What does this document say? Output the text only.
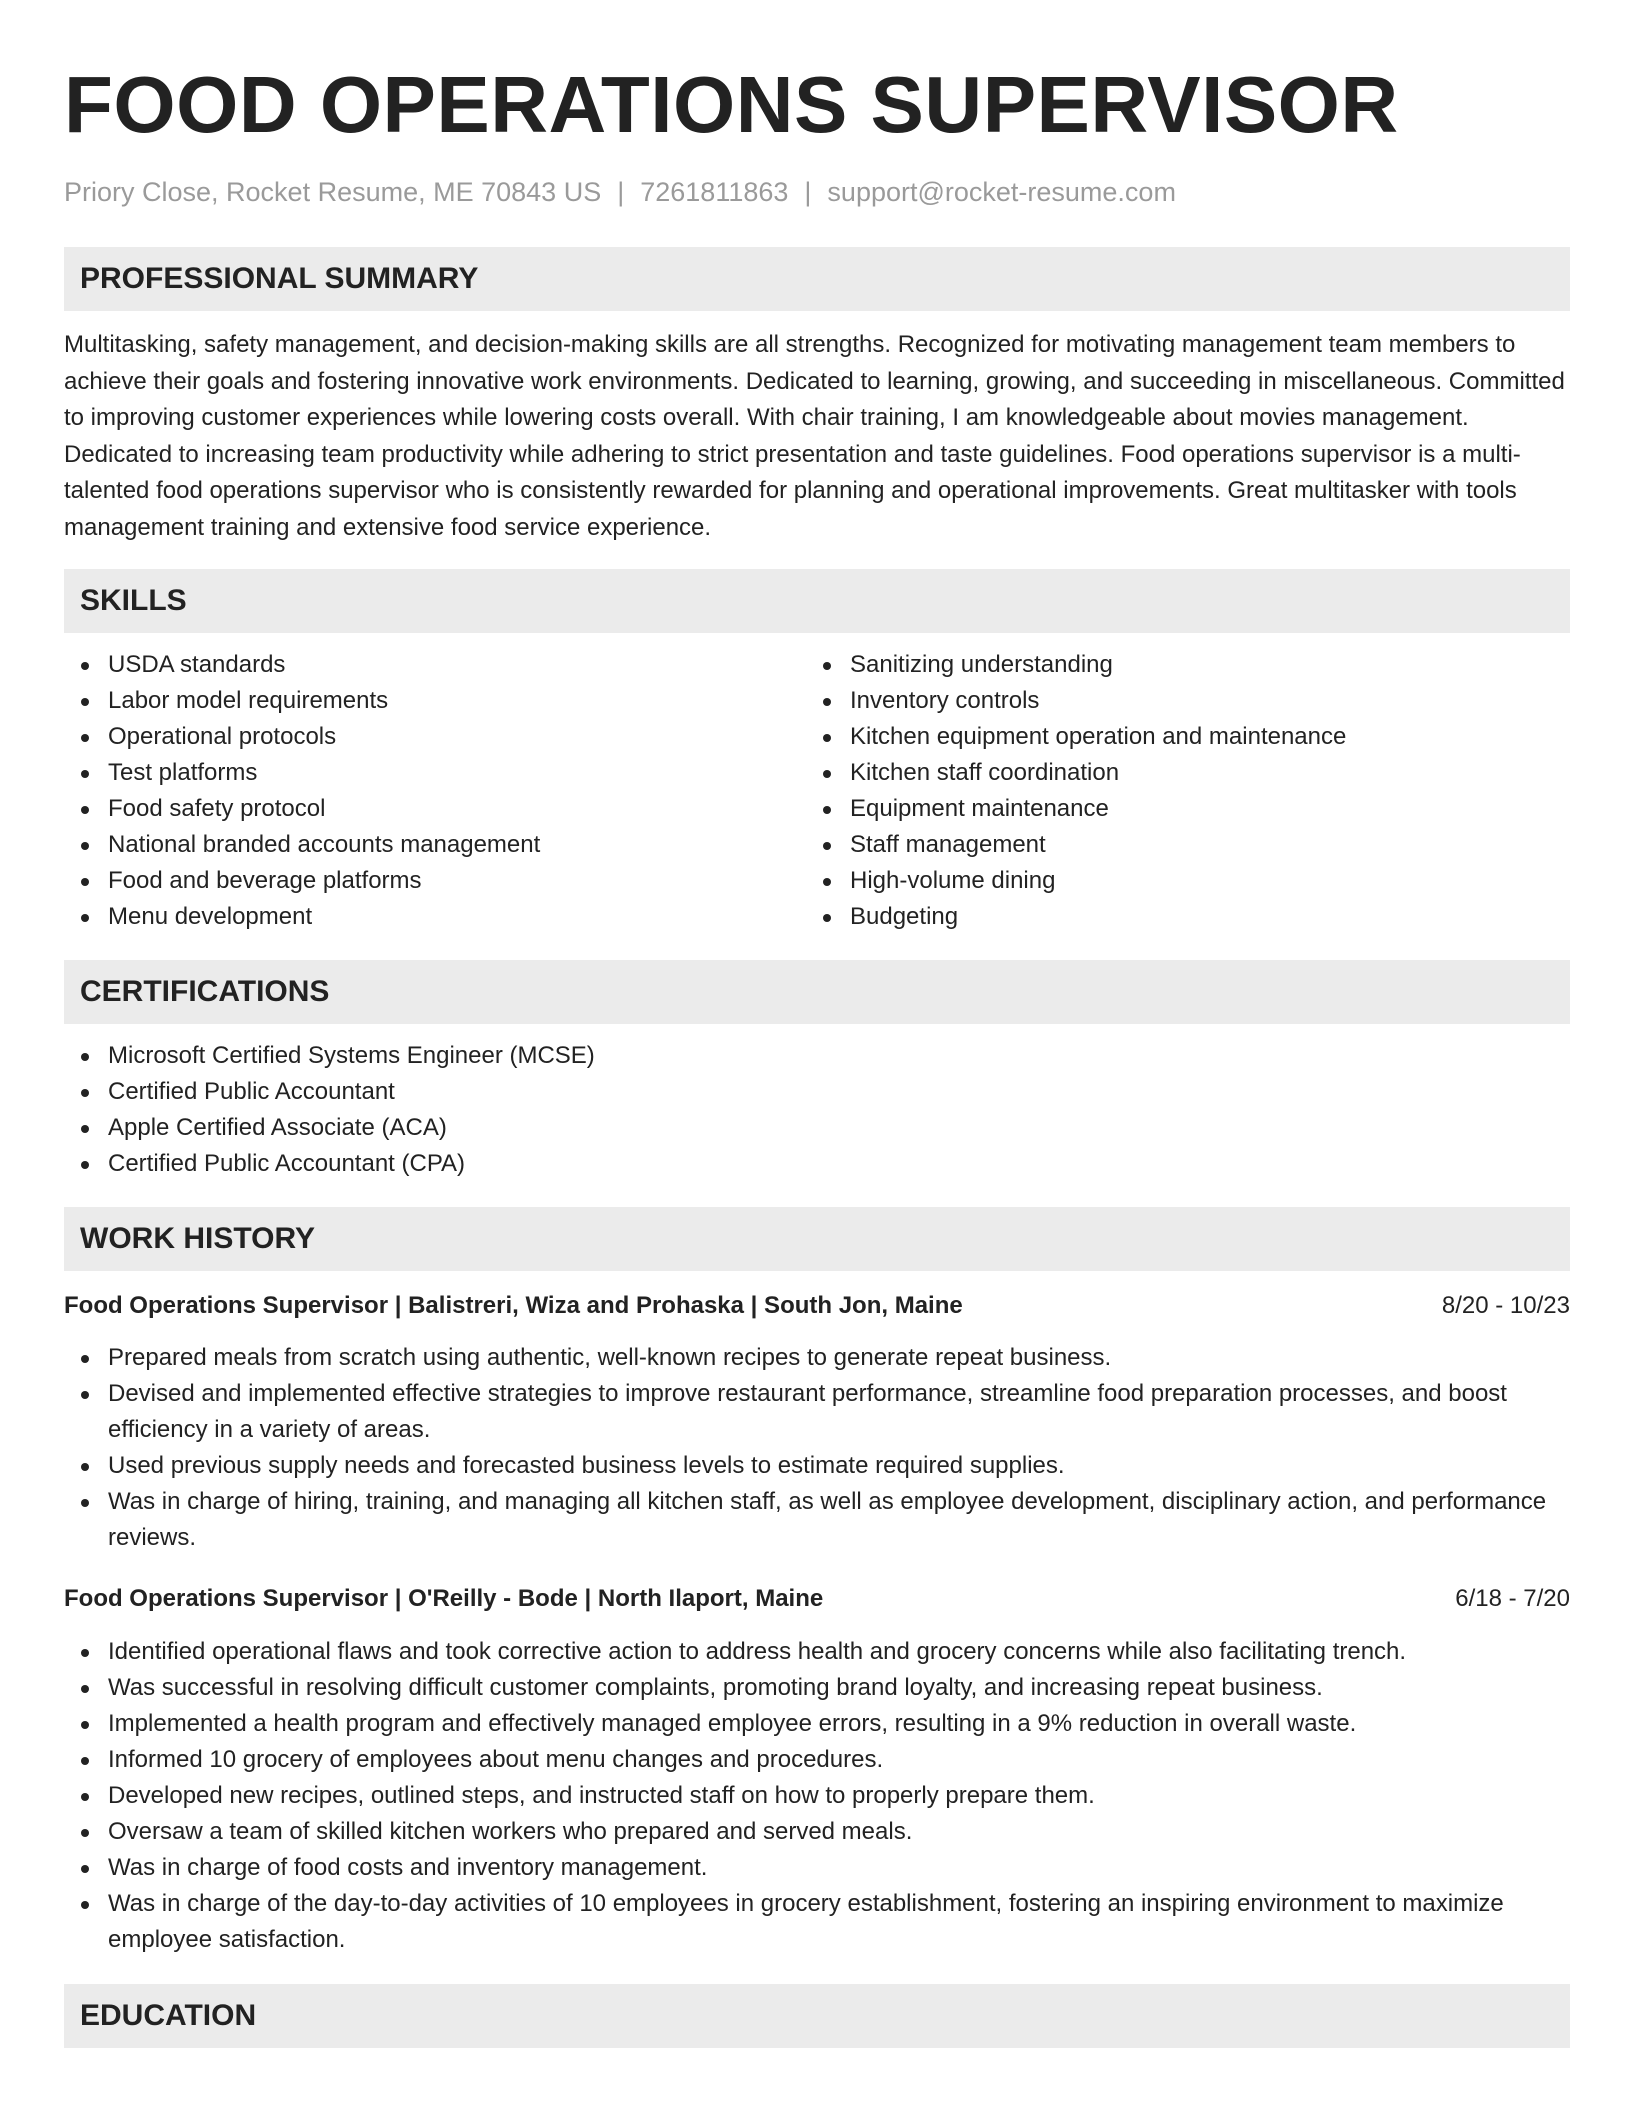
FOOD OPERATIONS SUPERVISOR
Priory Close, Rocket Resume, ME 70843 US | 7261811863 | support@rocket-resume.com
PROFESSIONAL SUMMARY

Multitasking, safety management, and decision-making skills are all strengths. Recognized for motivating management team members to achieve their goals and fostering innovative work environments. Dedicated to learning, growing, and succeeding in miscellaneous. Committed to improving customer experiences while lowering costs overall. With chair training, I am knowledgeable about movies management. Dedicated to increasing team productivity while adhering to strict presentation and taste guidelines. Food operations supervisor is a multi-talented food operations supervisor who is consistently rewarded for planning and operational improvements. Great multitasker with tools management training and extensive food service experience.

SKILLS
USDA standards
Labor model requirements
Operational protocols
Test platforms
Food safety protocol
National branded accounts management
Food and beverage platforms
Menu development
Sanitizing understanding
Inventory controls
Kitchen equipment operation and maintenance
Kitchen staff coordination
Equipment maintenance
Staff management
High-volume dining
Budgeting
CERTIFICATIONS
Microsoft Certified Systems Engineer (MCSE)
Certified Public Accountant
Apple Certified Associate (ACA)
Certified Public Accountant (CPA)
WORK HISTORY
Food Operations Supervisor | Balistreri, Wiza and Prohaska | South Jon, Maine	8/20 - 10/23
Prepared meals from scratch using authentic, well-known recipes to generate repeat business.
Devised and implemented effective strategies to improve restaurant performance, streamline food preparation processes, and boost efficiency in a variety of areas.
Used previous supply needs and forecasted business levels to estimate required supplies.
Was in charge of hiring, training, and managing all kitchen staff, as well as employee development, disciplinary action, and performance reviews.
Food Operations Supervisor | O'Reilly - Bode | North Ilaport, Maine	6/18 - 7/20
Identified operational flaws and took corrective action to address health and grocery concerns while also facilitating trench.
Was successful in resolving difficult customer complaints, promoting brand loyalty, and increasing repeat business.
Implemented a health program and effectively managed employee errors, resulting in a 9% reduction in overall waste.
Informed 10 grocery of employees about menu changes and procedures.
Developed new recipes, outlined steps, and instructed staff on how to properly prepare them.
Oversaw a team of skilled kitchen workers who prepared and served meals.
Was in charge of food costs and inventory management.
Was in charge of the day-to-day activities of 10 employees in grocery establishment, fostering an inspiring environment to maximize employee satisfaction.
EDUCATION
